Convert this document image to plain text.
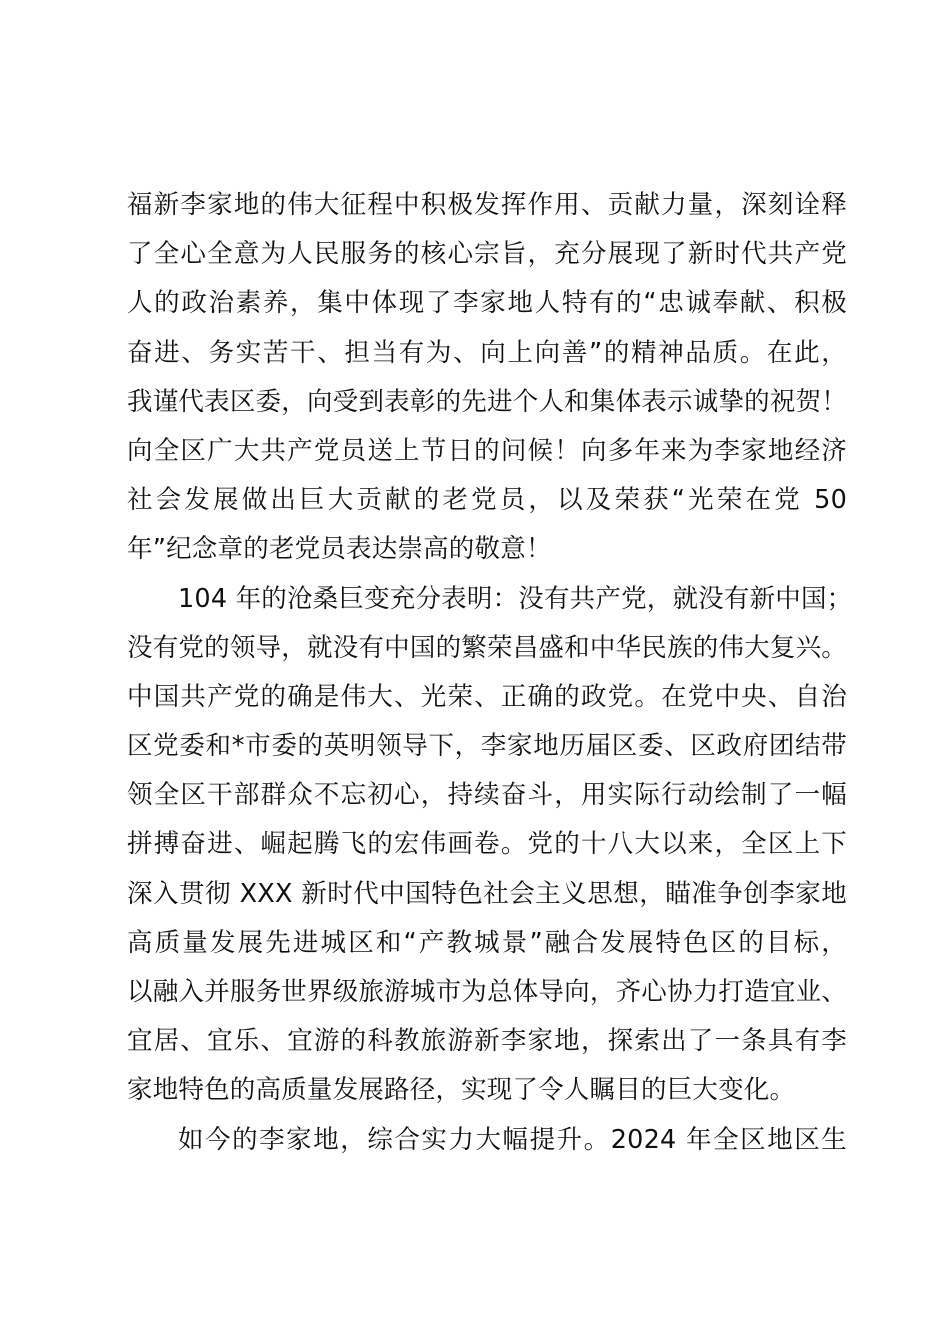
福新李家地的伟大征程中积极发挥作用、贡献力量，深刻诠释
了全心全意为人民服务的核心宗旨，充分展现了新时代共产党
人的政治素养，集中体现了李家地人特有的“忠诚奉献、积极
奋进、务实苦干、担当有为、向上向善”的精神品质。在此，
我谨代表区委，向受到表彰的先进个人和集体表示诚挚的祝贺！
向全区广大共产党员送上节日的问候！向多年来为李家地经济
社会发展做出巨大贡献的老党员，以及荣获“光荣在党 50
年”纪念章的老党员表达崇高的敬意！
104 年的沧桑巨变充分表明：没有共产党，就没有新中国；
没有党的领导，就没有中国的繁荣昌盛和中华民族的伟大复兴。
中国共产党的确是伟大、光荣、正确的政党。在党中央、自治
区党委和*市委的英明领导下，李家地历届区委、区政府团结带
领全区干部群众不忘初心，持续奋斗，用实际行动绘制了一幅
拼搏奋进、崛起腾飞的宏伟画卷。党的十八大以来，全区上下
深入贯彻 XXX 新时代中国特色社会主义思想，瞄准争创李家地
高质量发展先进城区和“产教城景”融合发展特色区的目标，
以融入并服务世界级旅游城市为总体导向，齐心协力打造宜业、
宜居、宜乐、宜游的科教旅游新李家地，探索出了一条具有李
家地特色的高质量发展路径，实现了令人瞩目的巨大变化。
如今的李家地，综合实力大幅提升。2024 年全区地区生
